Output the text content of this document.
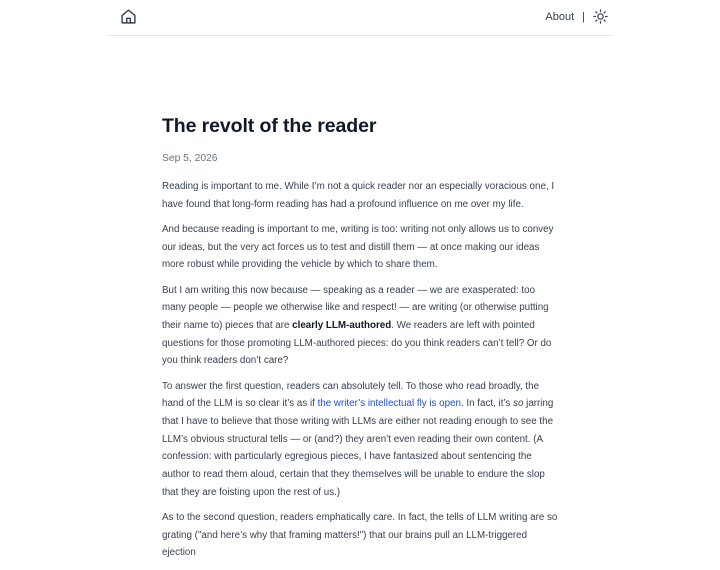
About |
The revolt of the reader
Sep 5, 2026

Reading is important to me. While I’m not a quick reader nor an especially voracious one, I have found that long-form reading has had a profound influence on me over my life.

And because reading is important to me, writing is too: writing not only allows us to convey our ideas, but the very act forces us to test and distill them — at once making our ideas more robust while providing the vehicle by which to share them.

But I am writing this now because — speaking as a reader — we are exasperated: too many people — people we otherwise like and respect! — are writing (or otherwise putting their name to) pieces that are clearly LLM-authored. We readers are left with pointed questions for those promoting LLM-authored pieces: do you think readers can’t tell? Or do you think readers don’t care?

To answer the first question, readers can absolutely tell. To those who read broadly, the hand of the LLM is so clear it’s as if the writer’s intellectual fly is open. In fact, it’s so jarring that I have to believe that those writing with LLMs are either not reading enough to see the LLM’s obvious structural tells — or (and?) they aren’t even reading their own content. (A confession: with particularly egregious pieces, I have fantasized about sentencing the author to read them aloud, certain that they themselves will be unable to endure the slop that they are foisting upon the rest of us.)

As to the second question, readers emphatically care. In fact, the tells of LLM writing are so grating ("and here’s why that framing matters!") that our brains pull an LLM-triggered ejection
